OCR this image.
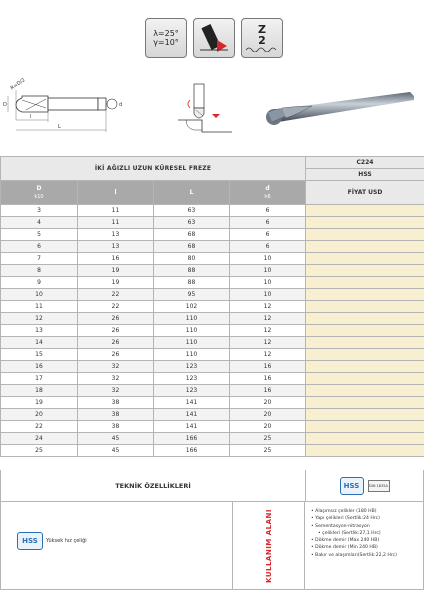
λ=25°
γ=10°
Z
2
R=D/2
D
l
L
d
İKİ AĞIZLI UZUN KÜRESEL FREZE				C224
				HSS
D
k10	l	L	d
h6	FİYAT USD
3	11	63	6	
4	11	63	6	
5	13	68	6	
6	13	68	6	
7	16	80	10	
8	19	88	10	
9	19	88	10	
10	22	95	10	
11	22	102	12	
12	26	110	12	
13	26	110	12	
14	26	110	12	
15	26	110	12	
16	32	123	16	
17	32	123	16	
18	32	123	16	
19	38	141	20	
20	38	141	20	
22	38	141	20	
24	45	166	25	
25	45	166	25	
TEKNİK ÖZELLİKLERİ	HSS	DIN 1835A
HSS	Yüksek hız çeliği	KULLANIM ALANI	• Alaşımsız çelikler (180 HB)
• Yapı çelikleri (Sertlik:24 Hrc)
• Sementasyon-nitrasyon
• çelikleri (Sertlik:27,1 Hrc)
• Dökme demir (Max 240 HB)
• Dökme demir (Min 240 HB)
• Bakır ve alaşımları(Sertlik:22,2 Hrc)
